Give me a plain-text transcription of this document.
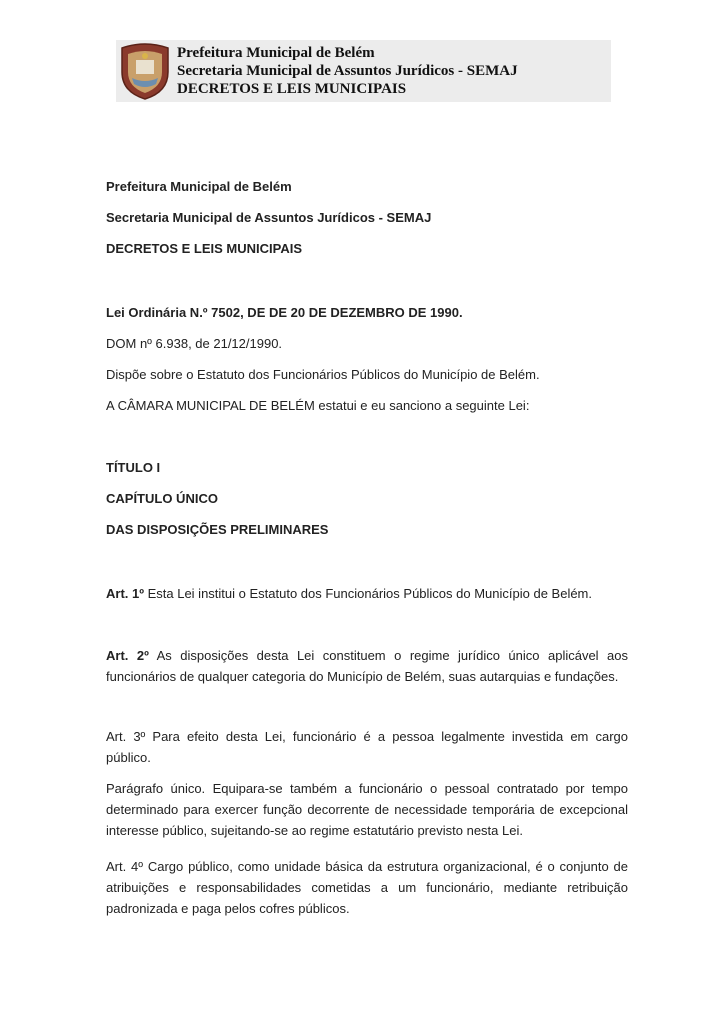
Prefeitura Municipal de Belém
Secretaria Municipal de Assuntos Jurídicos - SEMAJ
DECRETOS E LEIS MUNICIPAIS

Prefeitura Municipal de Belém

Secretaria Municipal de Assuntos Jurídicos - SEMAJ

DECRETOS E LEIS MUNICIPAIS

Lei Ordinária N.º 7502, DE DE 20 DE DEZEMBRO DE 1990.

DOM nº 6.938, de 21/12/1990.

Dispõe sobre o Estatuto dos Funcionários Públicos do Município de Belém.

A CÂMARA MUNICIPAL DE BELÉM estatui e eu sanciono a seguinte Lei:

TÍTULO I

CAPÍTULO ÚNICO

DAS DISPOSIÇÕES PRELIMINARES

Art. 1º Esta Lei institui o Estatuto dos Funcionários Públicos do Município de Belém.

Art. 2º As disposições desta Lei constituem o regime jurídico único aplicável aos funcionários de qualquer categoria do Município de Belém, suas autarquias e fundações.

Art. 3º Para efeito desta Lei, funcionário é a pessoa legalmente investida em cargo público.

Parágrafo único. Equipara-se também a funcionário o pessoal contratado por tempo determinado para exercer função decorrente de necessidade temporária de excepcional interesse público, sujeitando-se ao regime estatutário previsto nesta Lei.

Art. 4º Cargo público, como unidade básica da estrutura organizacional, é o conjunto de atribuições e responsabilidades cometidas a um funcionário, mediante retribuição padronizada e paga pelos cofres públicos.
